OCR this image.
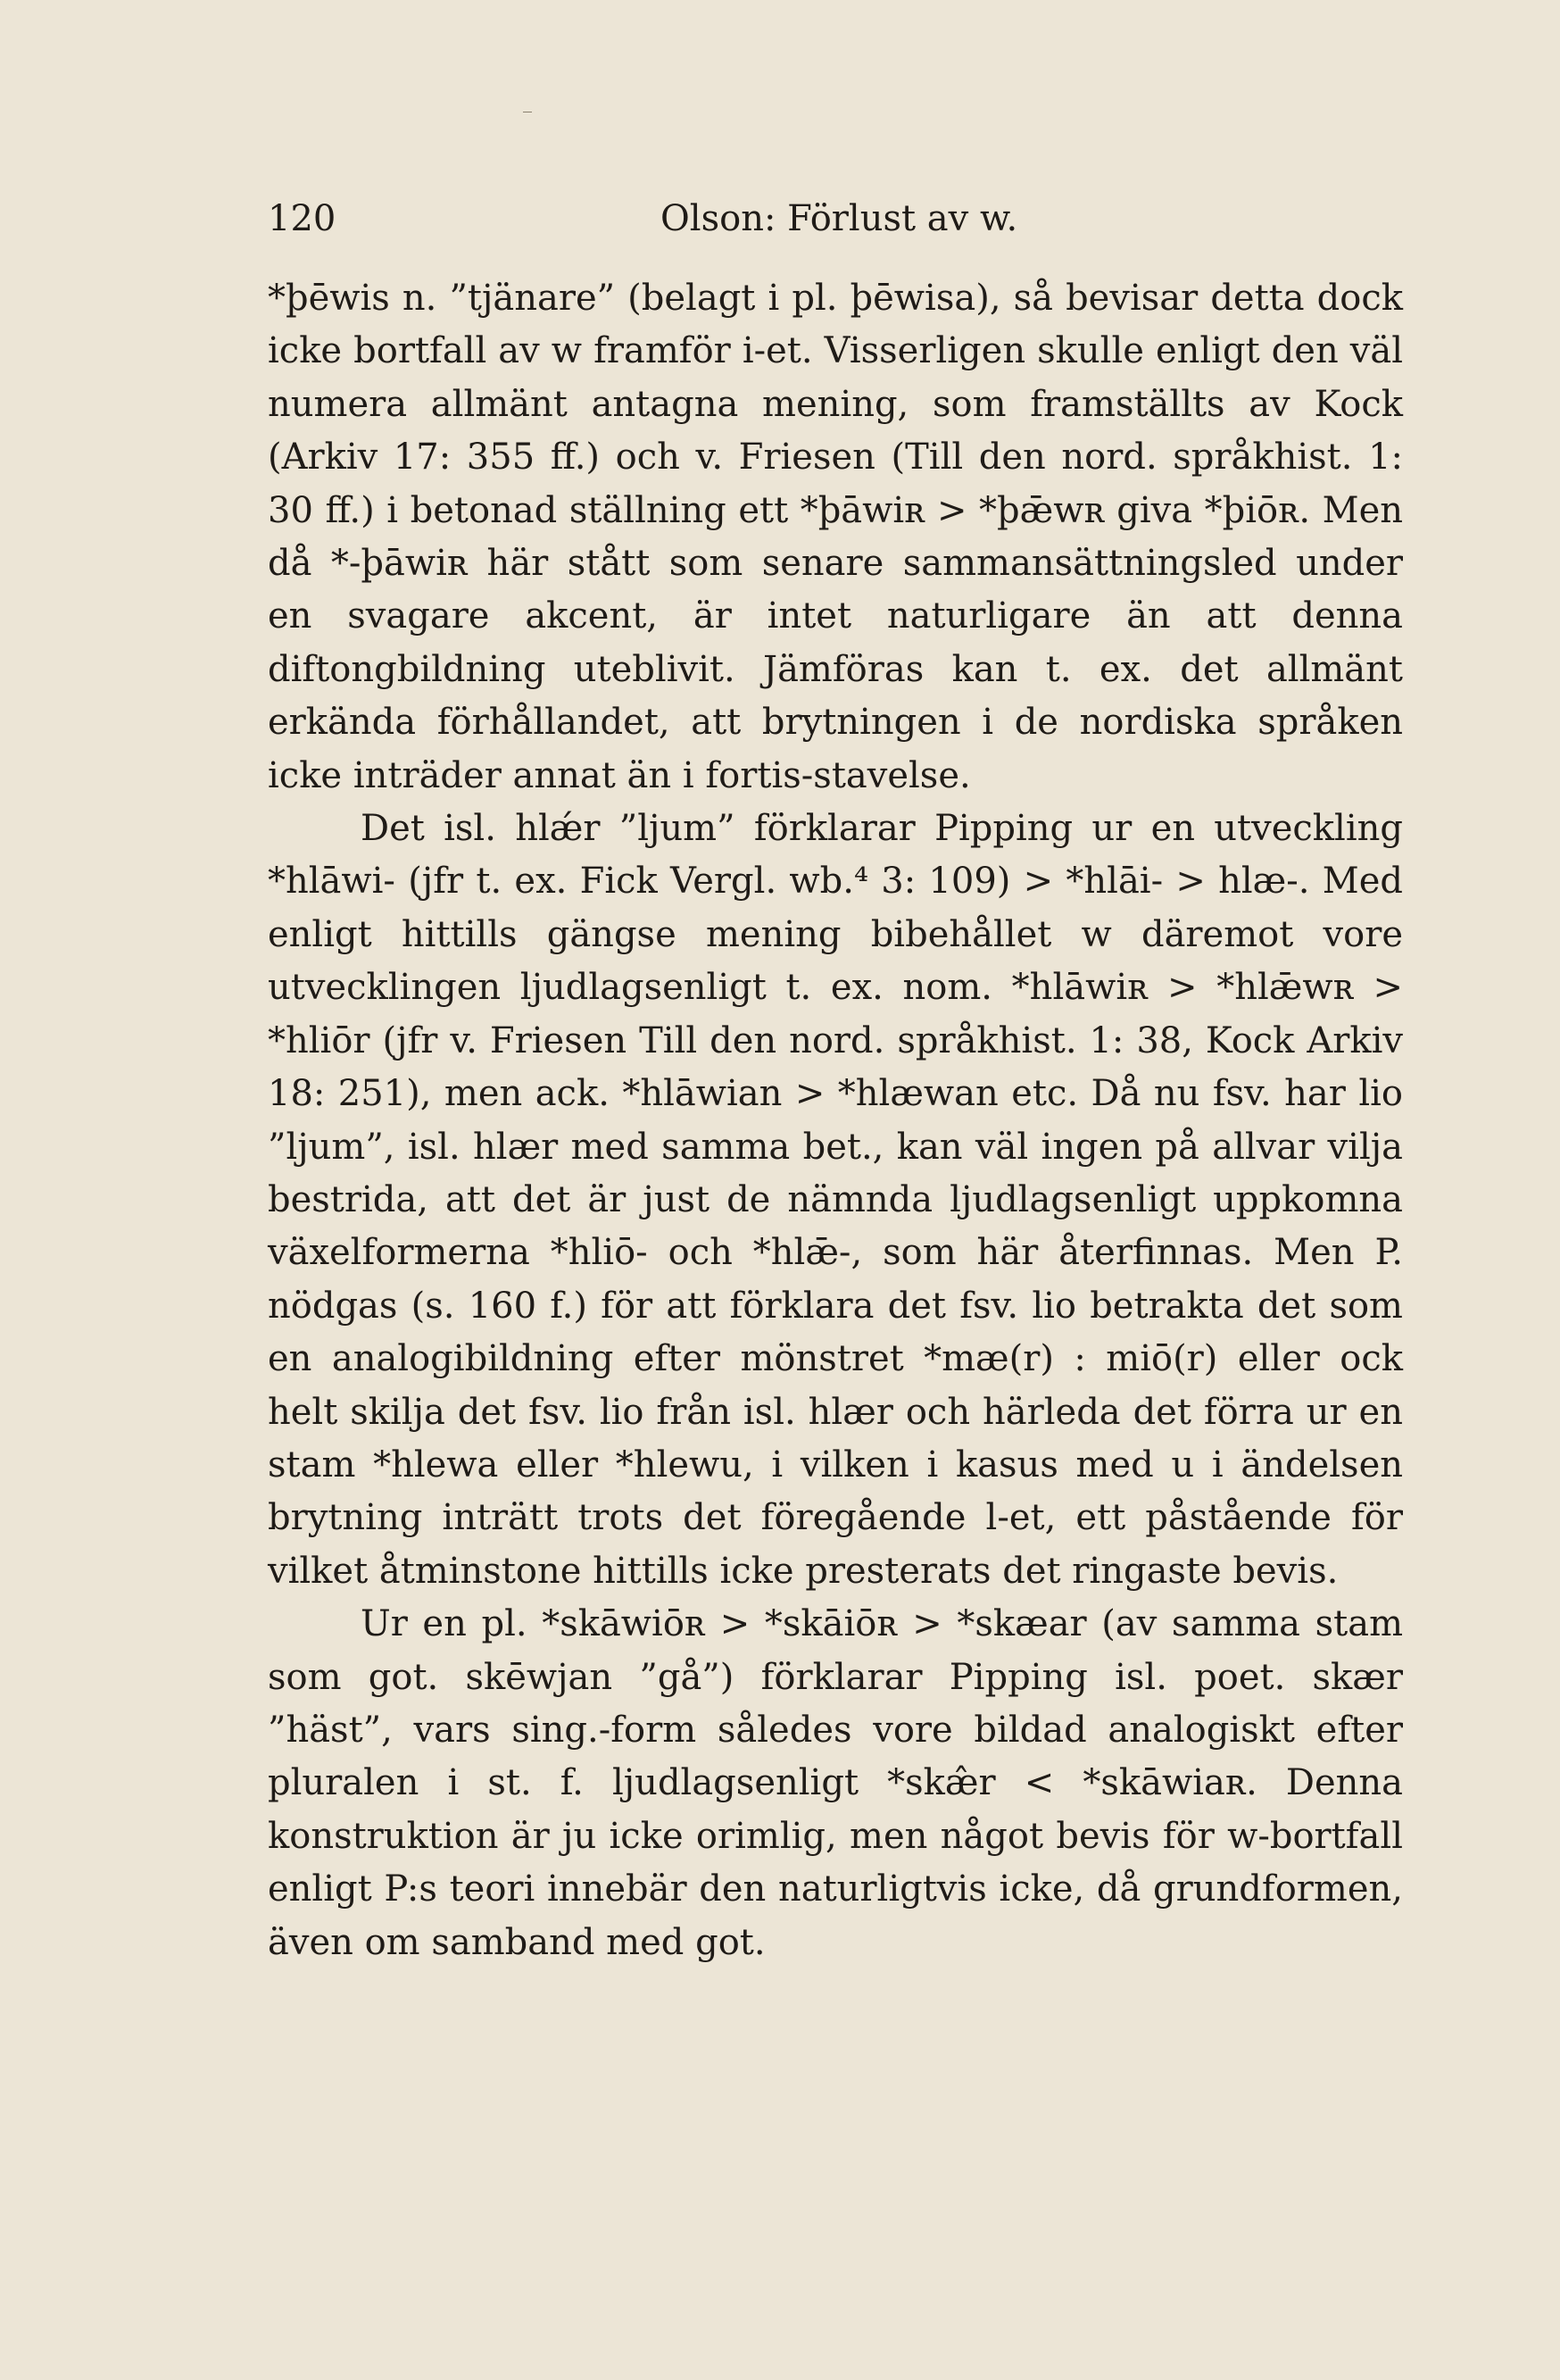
120	Olson: Förlust av w.

*þēwis n. ”tjänare” (belagt i pl. þēwisa), så bevisar detta dock icke bortfall av w framför i-et. Visserligen skulle enligt den väl numera allmänt antagna mening, som framställts av Kock (Arkiv 17: 355 ff.) och v. Friesen (Till den nord. språkhist. 1: 30 ff.) i betonad ställning ett *þāwiʀ > *þǣwʀ giva *þiōʀ. Men då *-þāwiʀ här stått som senare sammansättningsled under en svagare akcent, är intet naturligare än att denna diftongbildning uteblivit. Jämföras kan t. ex. det allmänt erkända förhållandet, att brytningen i de nordiska språken icke inträder annat än i fortis-stavelse.

Det isl. hlǽr ”ljum” förklarar Pipping ur en utveckling *hlāwi- (jfr t. ex. Fick Vergl. wb.⁴ 3: 109) > *hlāi- > hlæ-. Med enligt hittills gängse mening bibehållet w däremot vore utvecklingen ljudlagsenligt t. ex. nom. *hlāwiʀ > *hlǣwʀ > *hliōr (jfr v. Friesen Till den nord. språkhist. 1: 38, Kock Arkiv 18: 251), men ack. *hlāwian > *hlæwan etc. Då nu fsv. har lio ”ljum”, isl. hlær med samma bet., kan väl ingen på allvar vilja bestrida, att det är just de nämnda ljudlagsenligt uppkomna växelformerna *hliō- och *hlǣ-, som här återfinnas. Men P. nödgas (s. 160 f.) för att förklara det fsv. lio betrakta det som en analogibildning efter mönstret *mæ(r) : miō(r) eller ock helt skilja det fsv. lio från isl. hlær och härleda det förra ur en stam *hlewa eller *hlewu, i vilken i kasus med u i ändelsen brytning inträtt trots det föregående l-et, ett påstående för vilket åtminstone hittills icke presterats det ringaste bevis.

Ur en pl. *skāwiōʀ > *skāiōʀ > *skæar (av samma stam som got. skēwjan ”gå”) förklarar Pipping isl. poet. skær ”häst”, vars sing.-form således vore bildad analogiskt efter pluralen i st. f. ljudlagsenligt *skæ̂r < *skāwiaʀ. Denna konstruktion är ju icke orimlig, men något bevis för w-bortfall enligt P:s teori innebär den naturligtvis icke, då grundformen, även om samband med got.
